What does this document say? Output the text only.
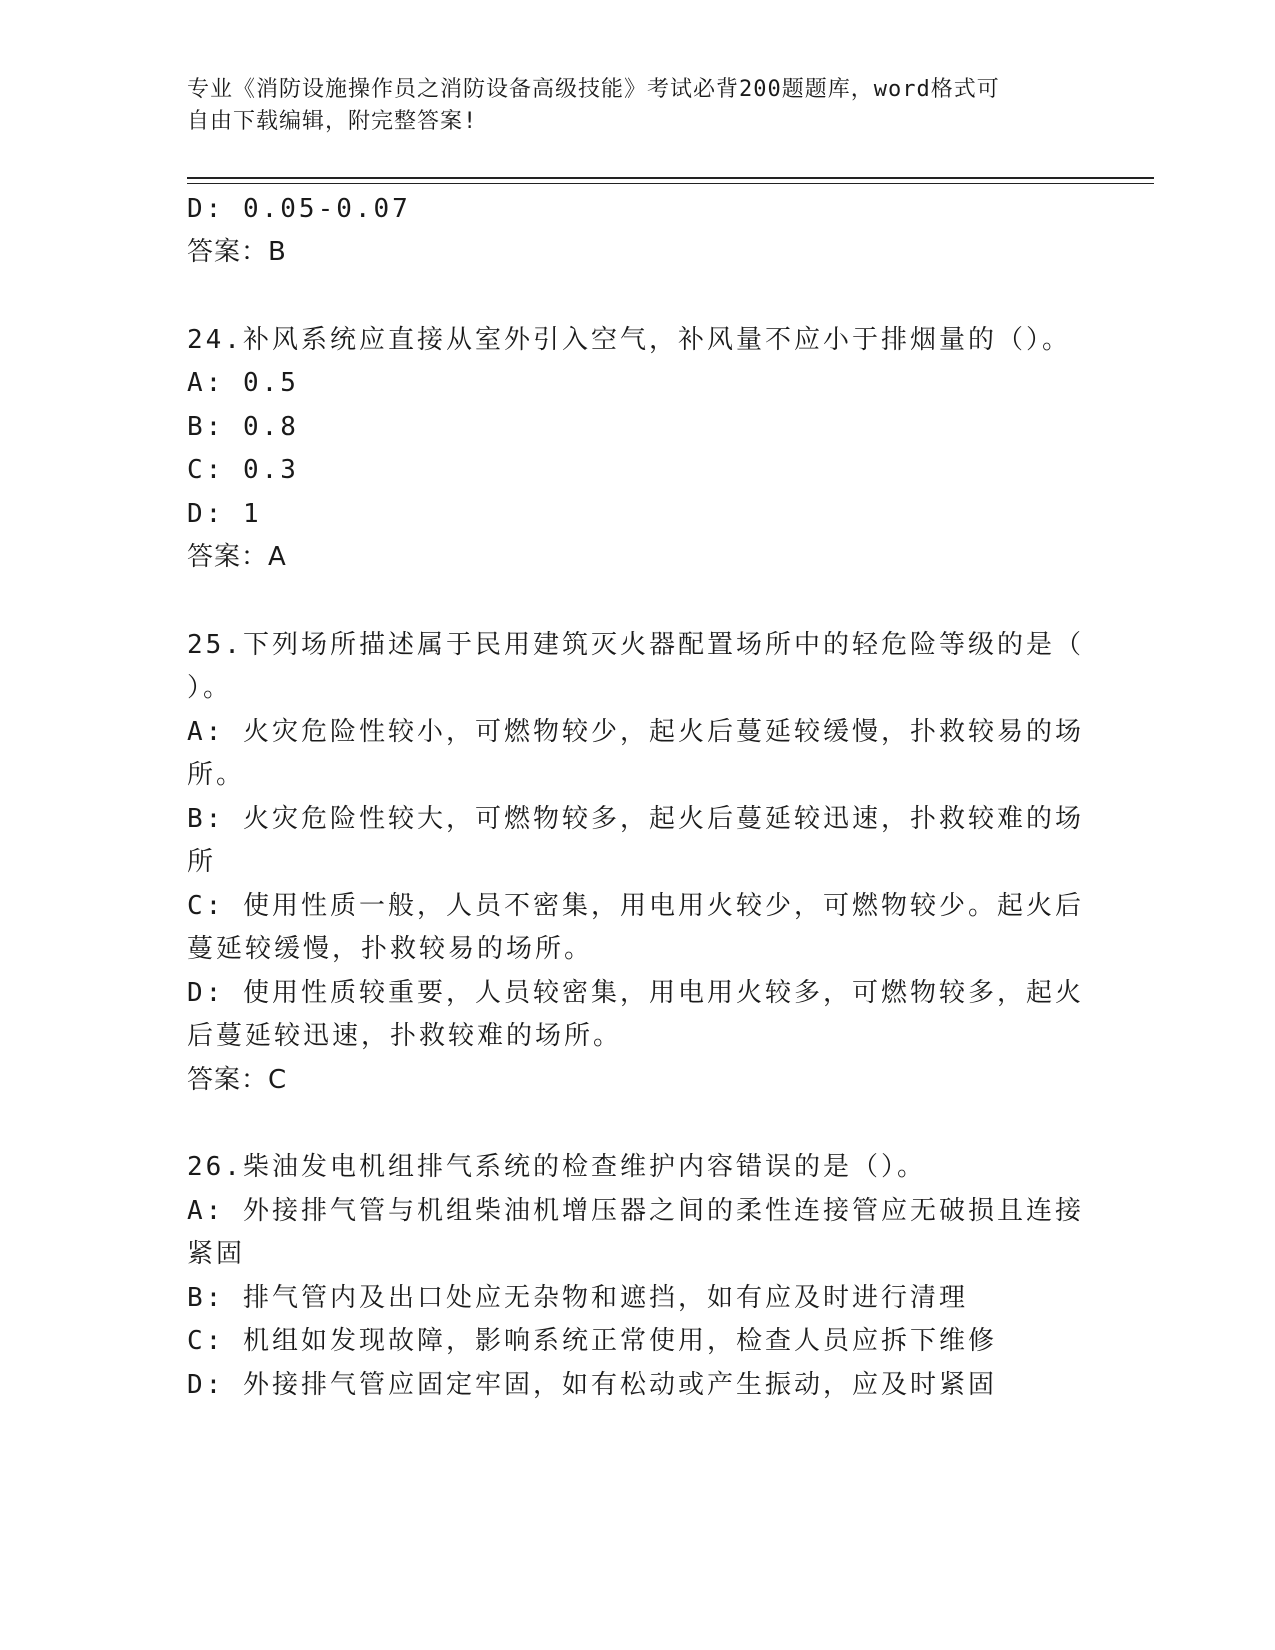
专业《消防设施操作员之消防设备高级技能》考试必背200题题库，word格式可
自由下载编辑，附完整答案!
D: 0.05-0.07
答案：B
24.补风系统应直接从室外引入空气，补风量不应小于排烟量的（）。
A: 0.5
B: 0.8
C: 0.3
D: 1
答案：A
25.下列场所描述属于民用建筑灭火器配置场所中的轻危险等级的是（
）。
A: 火灾危险性较小，可燃物较少，起火后蔓延较缓慢，扑救较易的场
所。
B: 火灾危险性较大，可燃物较多，起火后蔓延较迅速，扑救较难的场
所
C: 使用性质一般，人员不密集，用电用火较少，可燃物较少。起火后
蔓延较缓慢，扑救较易的场所。
D: 使用性质较重要，人员较密集，用电用火较多，可燃物较多，起火
后蔓延较迅速，扑救较难的场所。
答案：C
26.柴油发电机组排气系统的检查维护内容错误的是（）。
A: 外接排气管与机组柴油机增压器之间的柔性连接管应无破损且连接
紧固
B: 排气管内及出口处应无杂物和遮挡，如有应及时进行清理
C: 机组如发现故障，影响系统正常使用，检查人员应拆下维修
D: 外接排气管应固定牢固，如有松动或产生振动，应及时紧固
